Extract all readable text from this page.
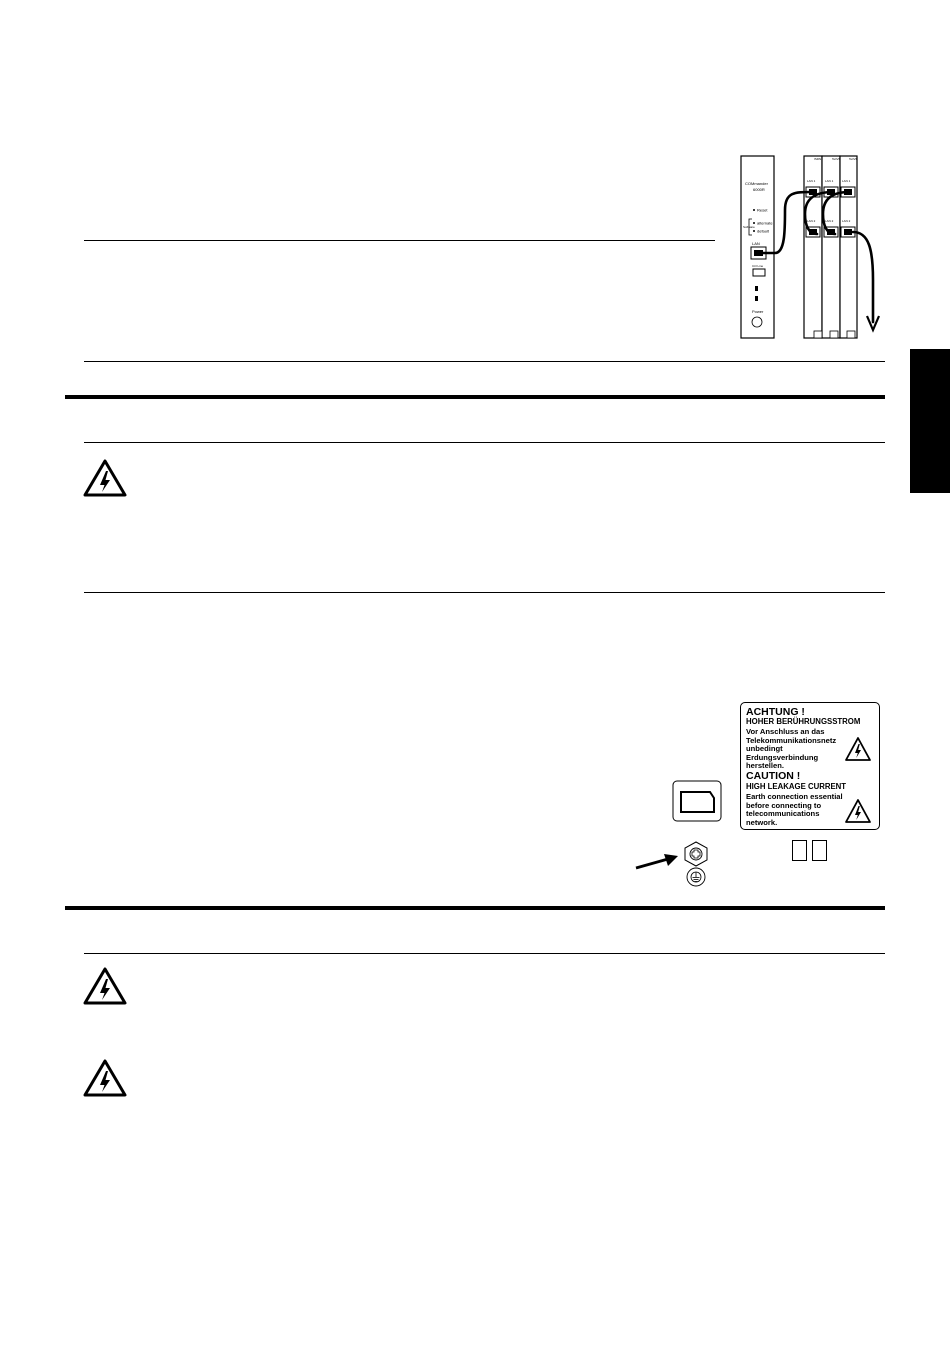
COMmander
6000R
Reset
alternate
default
Software
LAN
Ctrl Line
Power
ISDN	Tel/VP	Tel/VP
LAN 1	LAN 1	LAN 1
LAN 2	LAN 2	LAN 2
ACHTUNG !
HOHER BERÜHRUNGSSTROM
Vor Anschluss an das
Telekommunikationsnetz
unbedingt
Erdungsverbindung
herstellen.
CAUTION !
HIGH LEAKAGE CURRENT
Earth connection essential
before connecting to
telecommunications
network.
